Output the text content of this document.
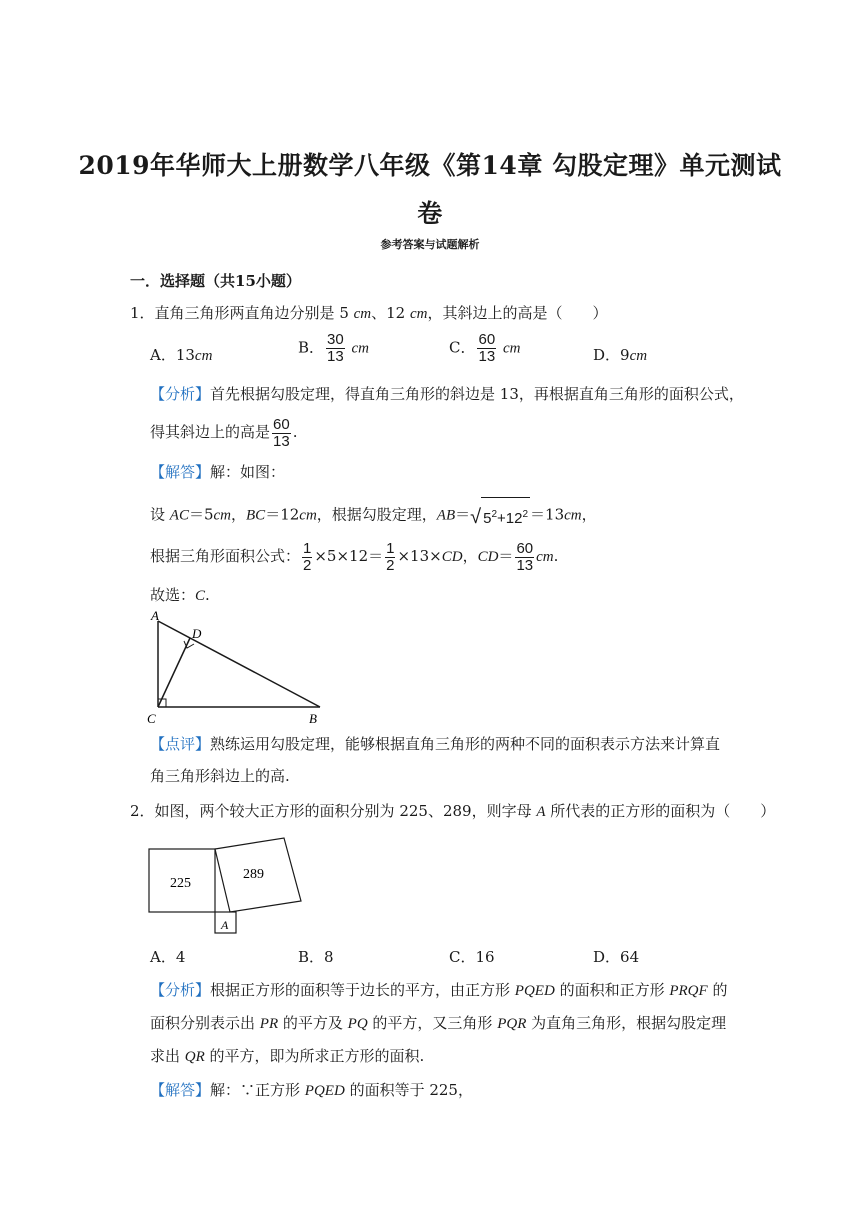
2019年华师大上册数学八年级《第14章 勾股定理》单元测试
卷
参考答案与试题解析
一．选择题（共15小题）
1．直角三角形两直角边分别是 5 cm、12 cm，其斜边上的高是（　　）
A．13cm	B． $\frac{30}{13}$ cm	C． $\frac{60}{13}$ cm	D．9cm
【分析】首先根据勾股定理，得直角三角形的斜边是 13，再根据直角三角形的面积公式，
得其斜边上的高是 $\frac{60}{13}$ .
【解答】解：如图：
设 AC＝5cm，BC＝12cm，根据勾股定理，AB＝√ $5^2+12^2 =13cm$，
根据三角形面积公式： $\frac{1}{2} \times 5\times 12= \frac{1}{2} \times 13\times CD$，$CD= \frac{60}{13}$ cm.
故选：C.
A
D
C	B
【点评】熟练运用勾股定理，能够根据直角三角形的两种不同的面积表示方法来计算直
角三角形斜边上的高.
2．如图，两个较大正方形的面积分别为 225、289，则字母 A 所代表的正方形的面积为（　　）
225
289
A
A．4	B．8	C．16	D．64
【分析】根据正方形的面积等于边长的平方，由正方形 PQED 的面积和正方形 PRQF 的
面积分别表示出 PR 的平方及 PQ 的平方，又三角形 PQR 为直角三角形，根据勾股定理
求出 QR 的平方，即为所求正方形的面积.
【解答】解：∵正方形 PQED 的面积等于 225，
